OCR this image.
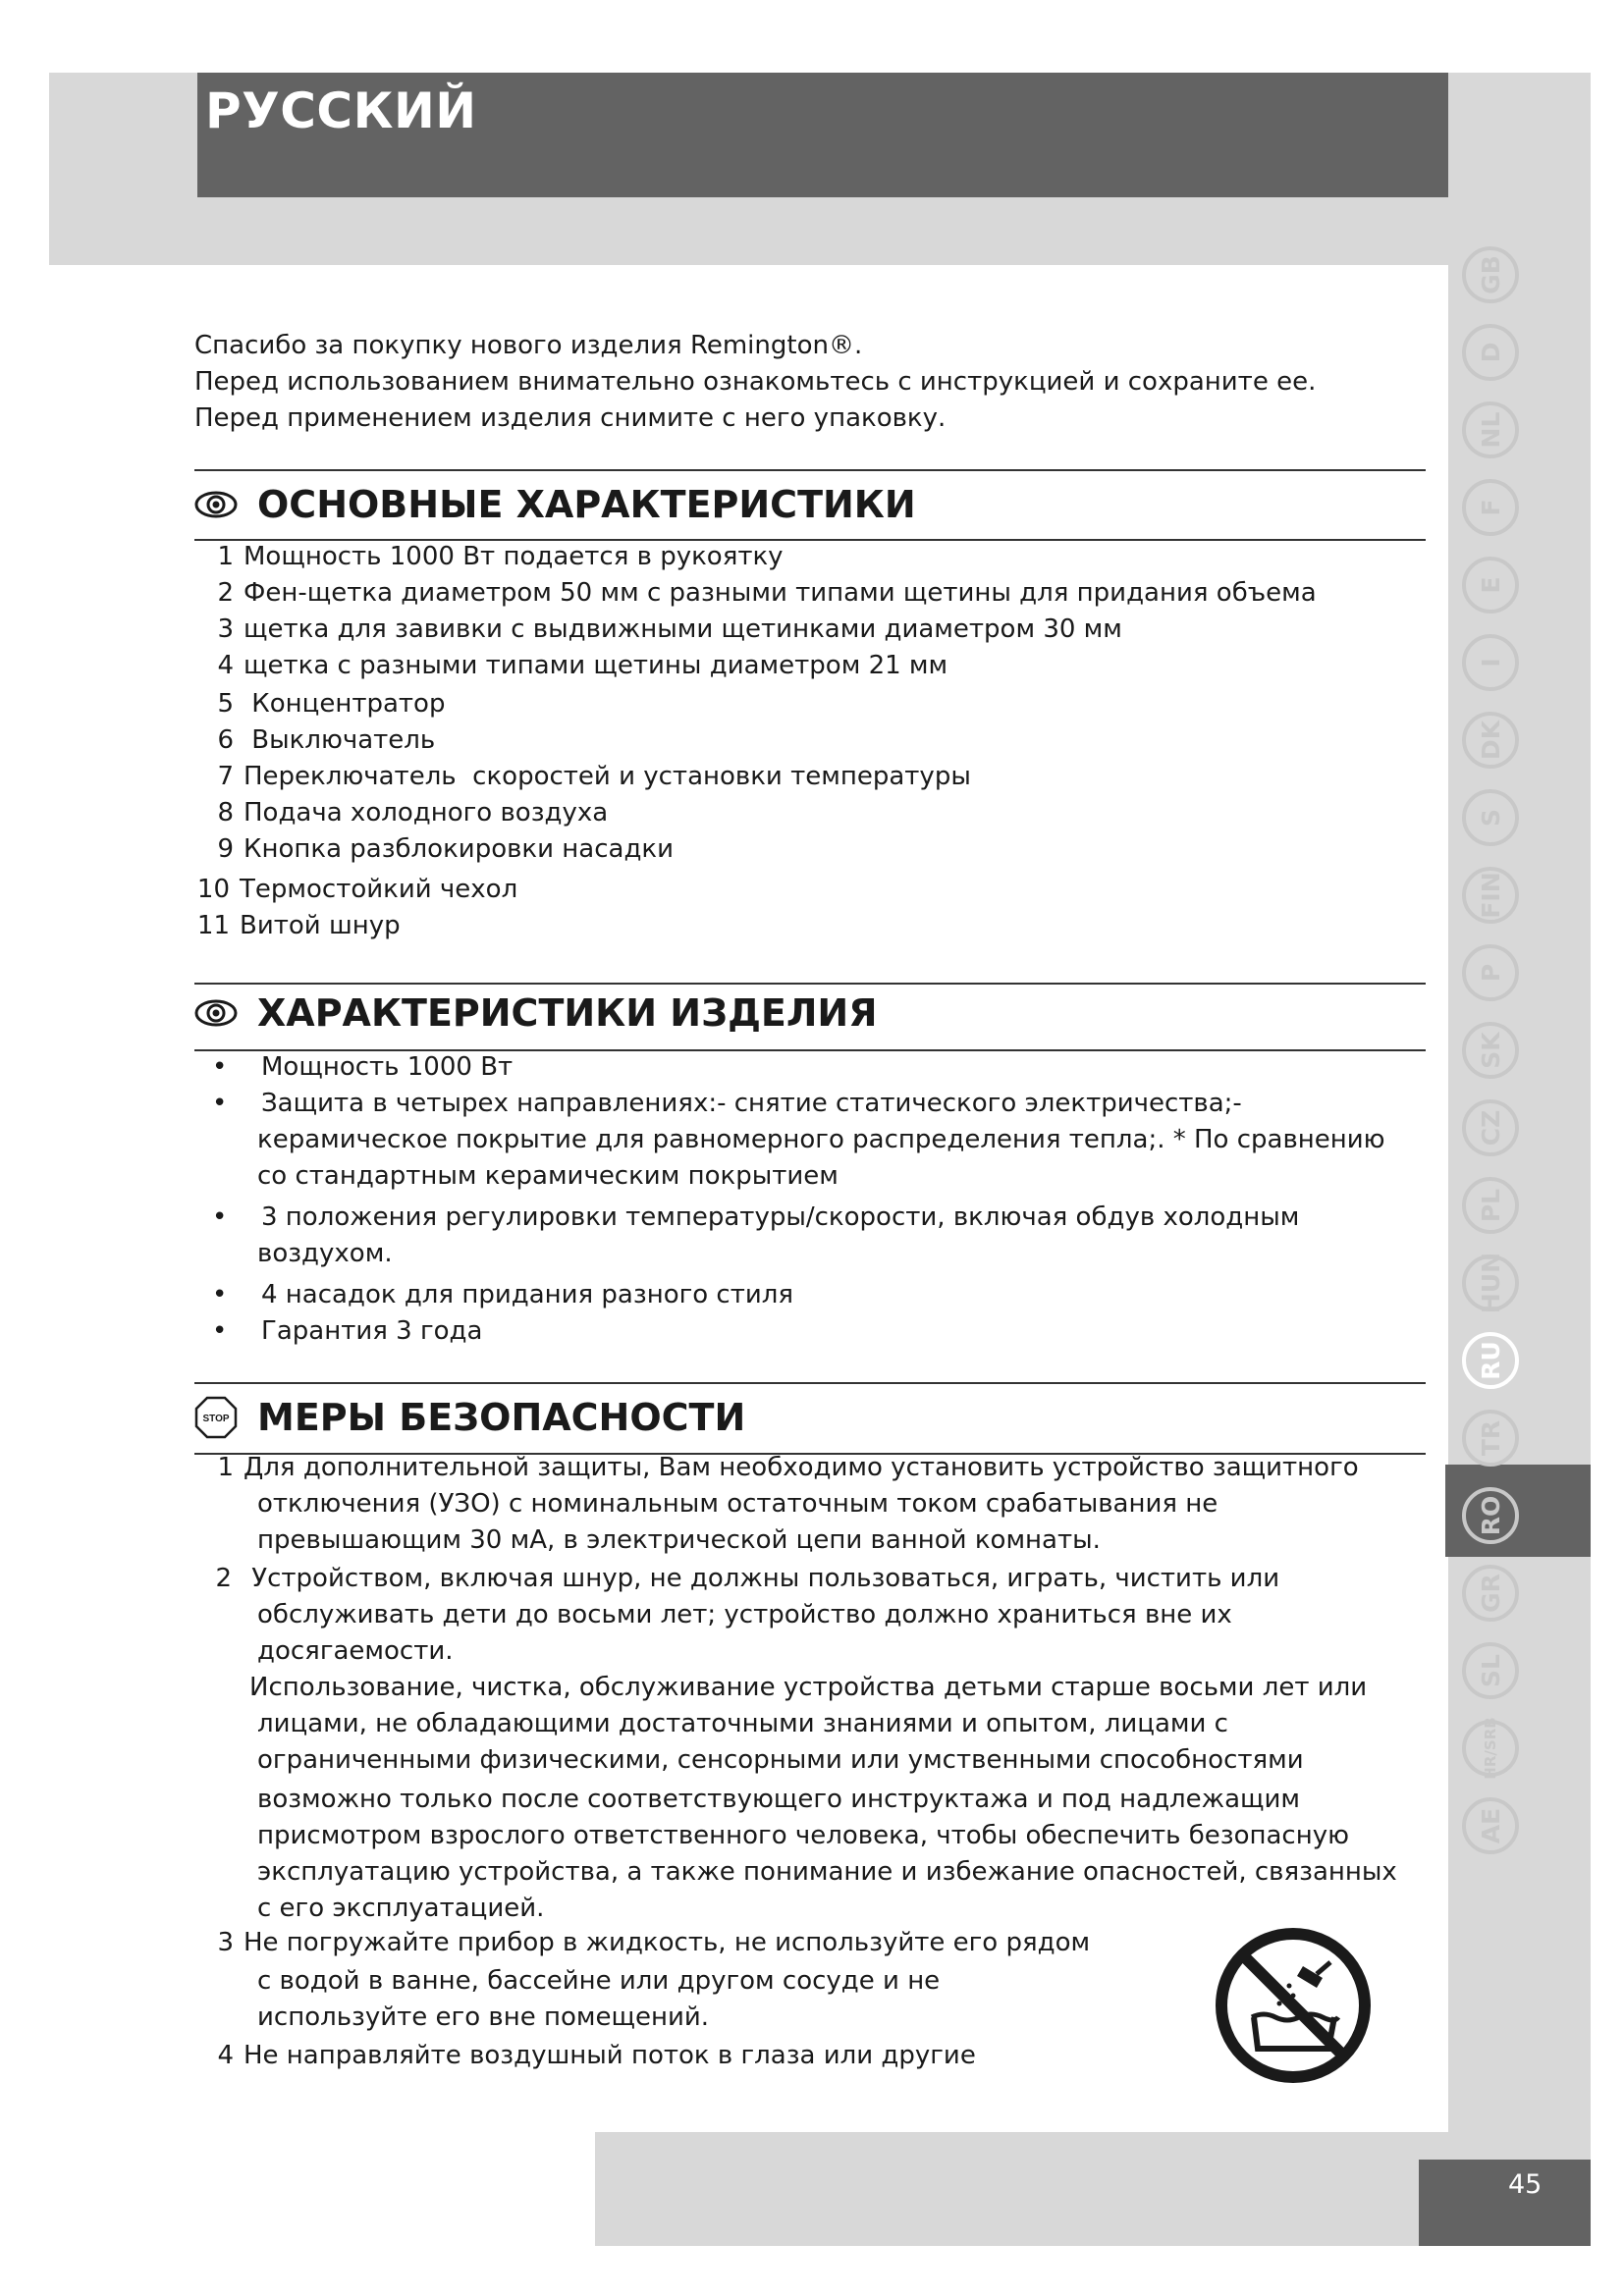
РУССКИЙ
45
GB
D
NL
F
E
I
DK
S
FIN
P
SK
CZ
PL
HUN
RU
TR
RO
GR
SL
HR/SRB
AE
Спасибо за покупку нового изделия Remington®.
Перед использованием внимательно ознакомьтесь с инструкцией и сохраните ее.
Перед применением изделия снимите с него упаковку.
ОСНОВНЫЕ ХАРАКТЕРИСТИКИ
1 Мощность 1000 Вт подается в рукоятку
2 Фен-щетка диаметром 50 мм с разными типами щетины для придания объема
3 щетка для завивки с выдвижными щетинками диаметром 30 мм
4 щетка с разными типами щетины диаметром 21 мм
5 Концентратор
6 Выключатель
7 Переключатель  скоростей и установки температуры
8 Подача холодного воздуха
9 Кнопка разблокировки насадки
10 Термостойкий чехол
11 Витой шнур
ХАРАКТЕРИСТИКИ ИЗДЕЛИЯ
• Мощность 1000 Вт
• Защита в четырех направлениях:- снятие статического электричества;-
керамическое покрытие для равномерного распределения тепла;. * По сравнению
со стандартным керамическим покрытием
• 3 положения регулировки температуры/скорости, включая обдув холодным
воздухом.
• 4 насадок для придания разного стиля
• Гарантия 3 года
STOP МЕРЫ БЕЗОПАСНОСТИ
1 Для дополнительной защиты, Вам необходимо установить устройство защитного
отключения (УЗО) с номинальным остаточным током срабатывания не
превышающим 30 мА, в электрической цепи ванной комнаты.
2 Устройством, включая шнур, не должны пользоваться, играть, чистить или
обслуживать дети до восьми лет; устройство должно храниться вне их
досягаемости.
Использование, чистка, обслуживание устройства детьми старше восьми лет или
лицами, не обладающими достаточными знаниями и опытом, лицами с
ограниченными физическими, сенсорными или умственными способностями
возможно только после соответствующего инструктажа и под надлежащим
присмотром взрослого ответственного человека, чтобы обеспечить безопасную
эксплуатацию устройства, а также понимание и избежание опасностей, связанных
с его эксплуатацией.
3 Не погружайте прибор в жидкость, не используйте его рядом
с водой в ванне, бассейне или другом сосуде и не
используйте его вне помещений.
4 Не направляйте воздушный поток в глаза или другие
